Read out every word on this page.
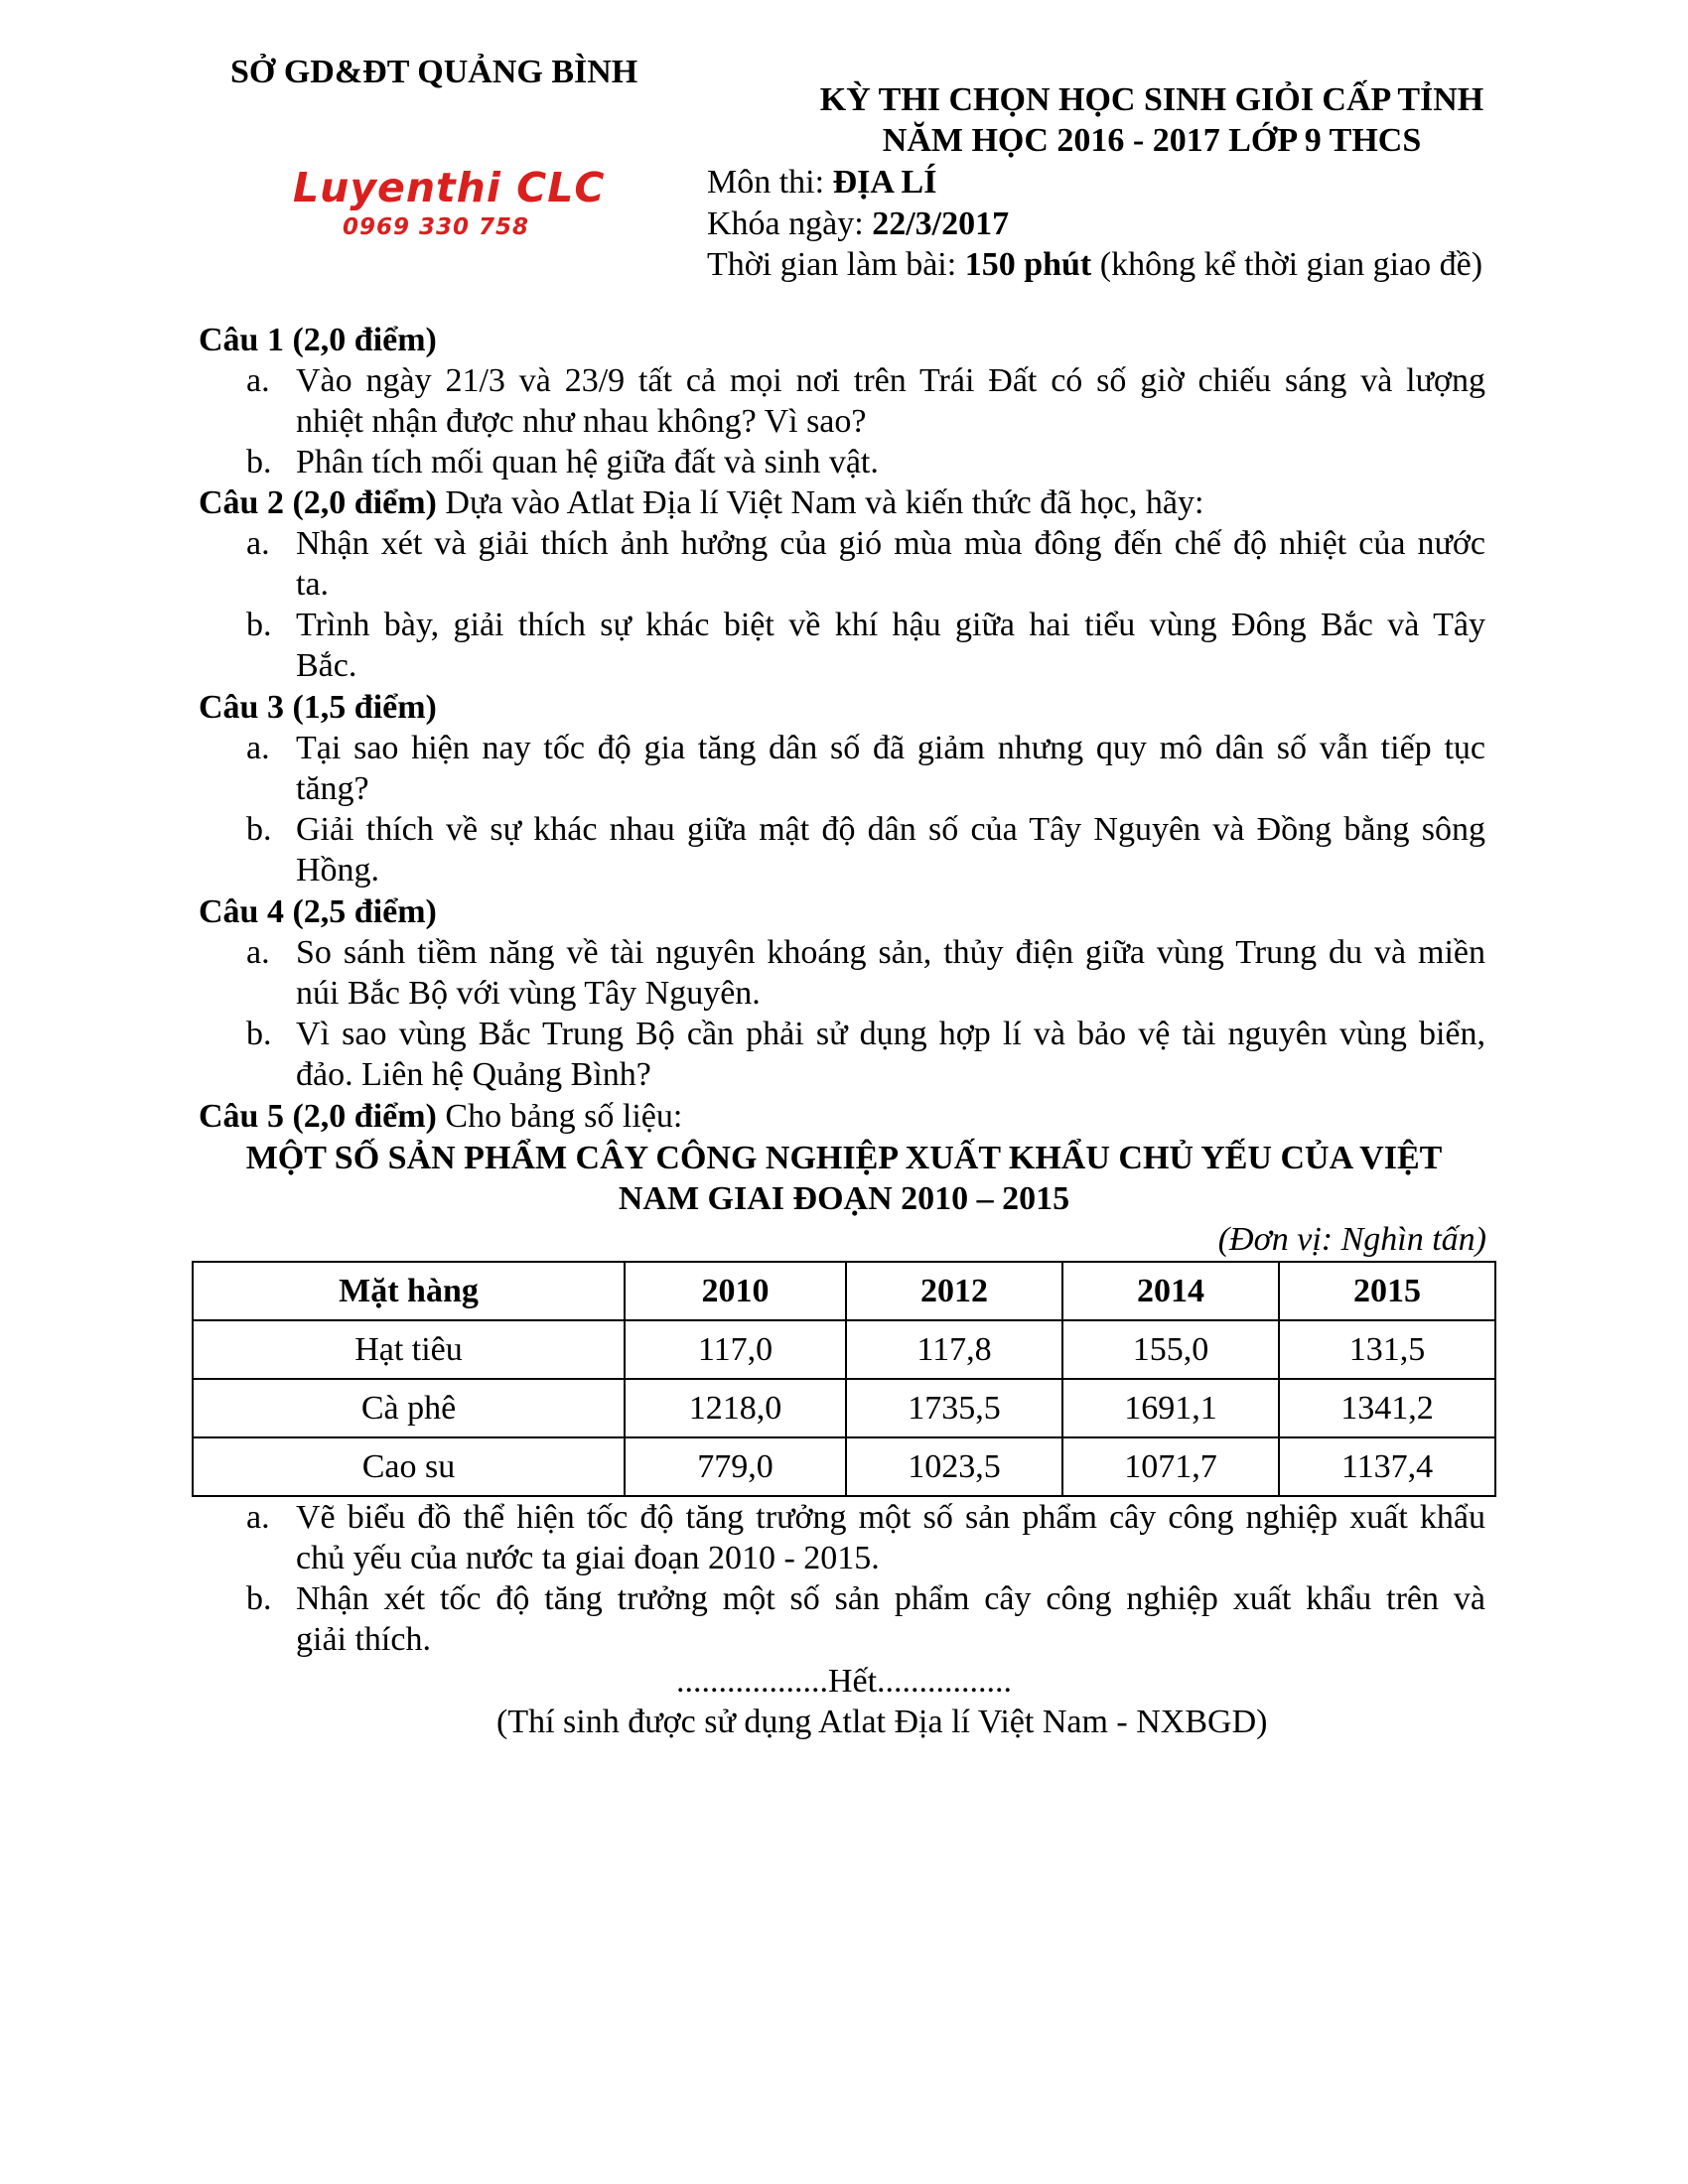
SỞ GD&ĐT QUẢNG BÌNH
Luyenthi CLC
0969 330 758
KỲ THI CHỌN HỌC SINH GIỎI CẤP TỈNH
NĂM HỌC 2016 - 2017 LỚP 9 THCS
Môn thi: ĐỊA LÍ
Khóa ngày: 22/3/2017
Thời gian làm bài: 150 phút (không kể thời gian giao đề)
Câu 1 (2,0 điểm)
a. Vào ngày 21/3 và 23/9 tất cả mọi nơi trên Trái Đất có số giờ chiếu sáng và lượng
nhiệt nhận được như nhau không? Vì sao?
b. Phân tích mối quan hệ giữa đất và sinh vật.
Câu 2 (2,0 điểm) Dựa vào Atlat Địa lí Việt Nam và kiến thức đã học, hãy:
a. Nhận xét và giải thích ảnh hưởng của gió mùa mùa đông đến chế độ nhiệt của nước
ta.
b. Trình bày, giải thích sự khác biệt về khí hậu giữa hai tiểu vùng Đông Bắc và Tây
Bắc.
Câu 3 (1,5 điểm)
a. Tại sao hiện nay tốc độ gia tăng dân số đã giảm nhưng quy mô dân số vẫn tiếp tục
tăng?
b. Giải thích về sự khác nhau giữa mật độ dân số của Tây Nguyên và Đồng bằng sông
Hồng.
Câu 4 (2,5 điểm)
a. So sánh tiềm năng về tài nguyên khoáng sản, thủy điện giữa vùng Trung du và miền
núi Bắc Bộ với vùng Tây Nguyên.
b. Vì sao vùng Bắc Trung Bộ cần phải sử dụng hợp lí và bảo vệ tài nguyên vùng biển,
đảo. Liên hệ Quảng Bình?
Câu 5 (2,0 điểm) Cho bảng số liệu:
MỘT SỐ SẢN PHẨM CÂY CÔNG NGHIỆP XUẤT KHẨU CHỦ YẾU CỦA VIỆT
NAM GIAI ĐOẠN 2010 – 2015
(Đơn vị: Nghìn tấn)
Mặt hàng	2010	2012	2014	2015
Hạt tiêu	117,0	117,8	155,0	131,5
Cà phê	1218,0	1735,5	1691,1	1341,2
Cao su	779,0	1023,5	1071,7	1137,4
a. Vẽ biểu đồ thể hiện tốc độ tăng trưởng một số sản phẩm cây công nghiệp xuất khẩu
chủ yếu của nước ta giai đoạn 2010 - 2015.
b. Nhận xét tốc độ tăng trưởng một số sản phẩm cây công nghiệp xuất khẩu trên và
giải thích.
..................Hết................
(Thí sinh được sử dụng Atlat Địa lí Việt Nam - NXBGD)
